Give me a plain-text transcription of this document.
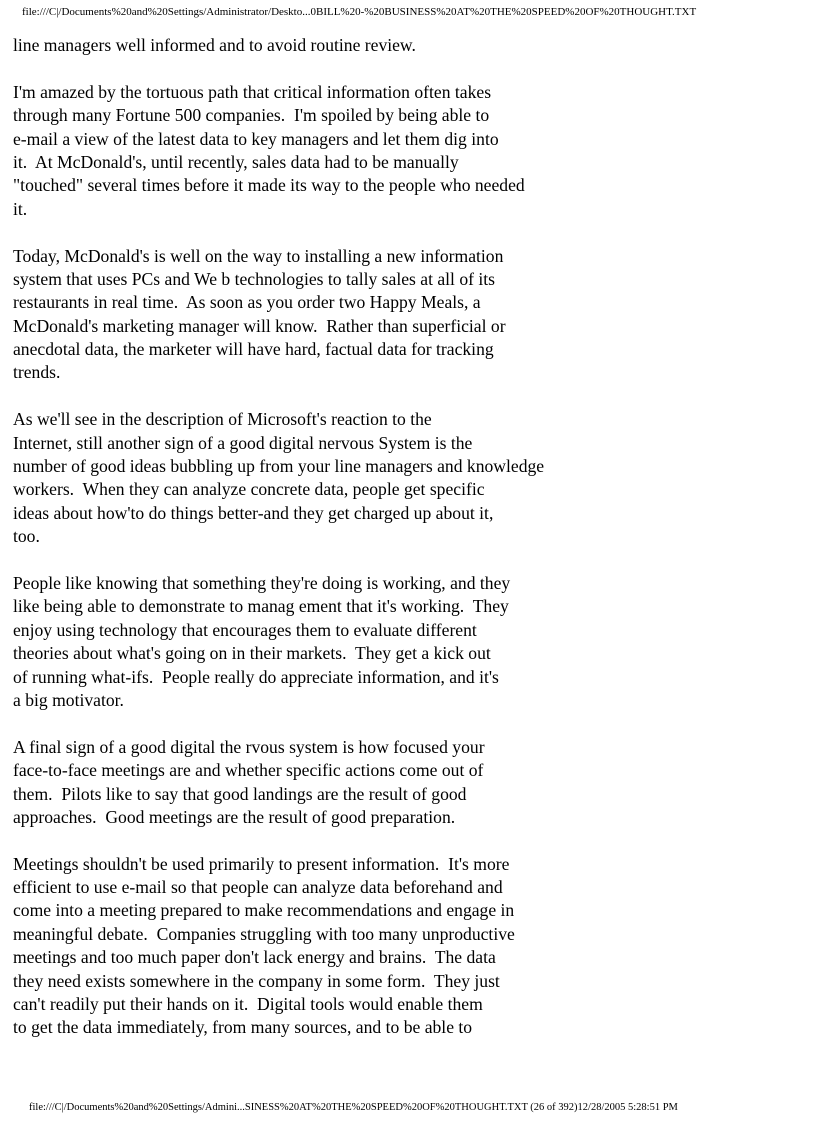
file:///C|/Documents%20and%20Settings/Administrator/Deskto...0BILL%20-%20BUSINESS%20AT%20THE%20SPEED%20OF%20THOUGHT.TXT
line managers well informed and to avoid routine review.
I'm amazed by the tortuous path that critical information often takes
through many Fortune 500 companies.  I'm spoiled by being able to
e-mail a view of the latest data to key managers and let them dig into
it.  At McDonald's, until recently, sales data had to be manually
"touched" several times before it made its way to the people who needed
it.
Today, McDonald's is well on the way to installing a new information
system that uses PCs and We b technologies to tally sales at all of its
restaurants in real time.  As soon as you order two Happy Meals, a
McDonald's marketing manager will know.  Rather than superficial or
anecdotal data, the marketer will have hard, factual data for tracking
trends.
As we'll see in the description of Microsoft's reaction to the
Internet, still another sign of a good digital nervous System is the
number of good ideas bubbling up from your line managers and knowledge
workers.  When they can analyze concrete data, people get specific
ideas about how'to do things better-and they get charged up about it,
too.
People like knowing that something they're doing is working, and they
like being able to demonstrate to manag ement that it's working.  They
enjoy using technology that encourages them to evaluate different
theories about what's going on in their markets.  They get a kick out
of running what-ifs.  People really do appreciate information, and it's
a big motivator.
A final sign of a good digital the rvous system is how focused your
face-to-face meetings are and whether specific actions come out of
them.  Pilots like to say that good landings are the result of good
approaches.  Good meetings are the result of good preparation.
Meetings shouldn't be used primarily to present information.  It's more
efficient to use e-mail so that people can analyze data beforehand and
come into a meeting prepared to make recommendations and engage in
meaningful debate.  Companies struggling with too many unproductive
meetings and too much paper don't lack energy and brains.  The data
they need exists somewhere in the company in some form.  They just
can't readily put their hands on it.  Digital tools would enable them
to get the data immediately, from many sources, and to be able to
file:///C|/Documents%20and%20Settings/Admini...SINESS%20AT%20THE%20SPEED%20OF%20THOUGHT.TXT (26 of 392)12/28/2005 5:28:51 PM
